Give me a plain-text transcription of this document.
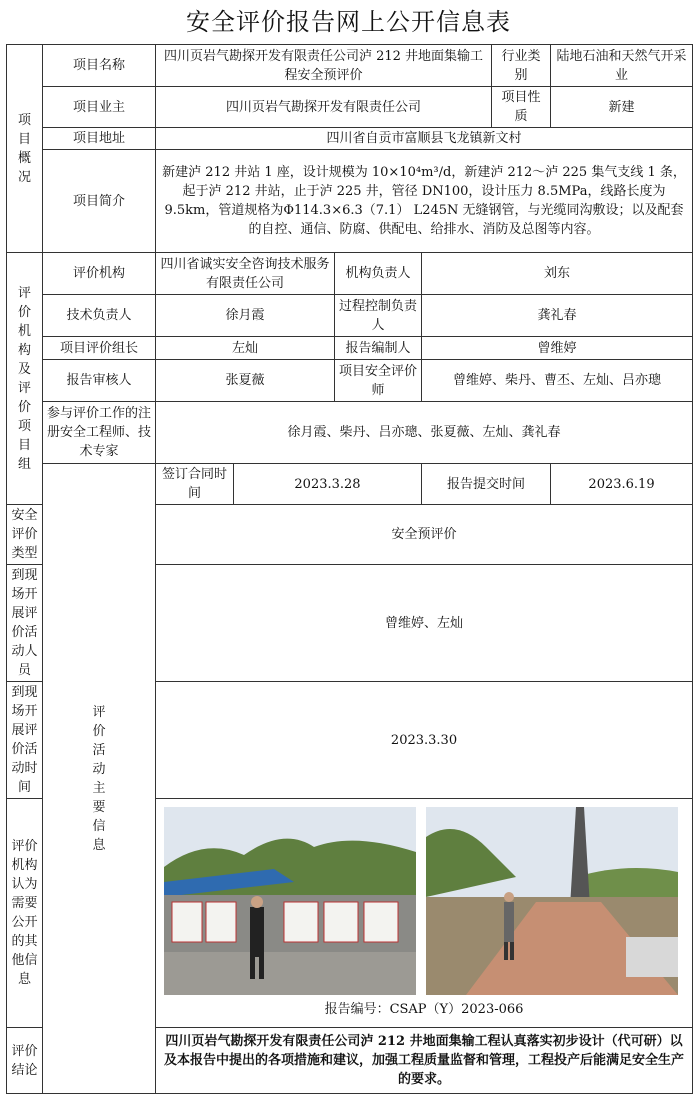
安全评价报告网上公开信息表
项目概况	项目名称	四川页岩气勘探开发有限责任公司泸 212 井地面集输工程安全预评价				行业类别	陆地石油和天然气开采业
	项目业主	四川页岩气勘探开发有限责任公司				项目性质	新建
	项目地址	四川省自贡市富顺县飞龙镇新文村					
	项目简介	新建泸 212 井站 1 座，设计规模为 10×10⁴m³/d，新建泸 212～泸 225 集气支线 1 条，起于泸 212 井站，止于泸 225 井，管径 DN100，设计压力 8.5MPa，线路长度为 9.5km，管道规格为Φ114.3×6.3（7.1） L245N 无缝钢管，与光缆同沟敷设；以及配套的自控、通信、防腐、供配电、给排水、消防及总图等内容。					
评价机构及评价项目组	评价机构	四川省诚实安全咨询技术服务有限责任公司		机构负责人	刘东		
	技术负责人	徐月霞		过程控制负责人	龚礼春		
	项目评价组长	左灿		报告编制人	曾维婷		
	报告审核人	张夏薇		项目安全评价师	曾维婷、柴丹、曹丕、左灿、吕亦璁		
	参与评价工作的注册安全工程师、技术专家	徐月霞、柴丹、吕亦璁、张夏薇、左灿、龚礼春					
	评价活动主要信息	签订合同时间	2023.3.28		报告提交时间		2023.6.19
安全评价类型		安全预评价					
到现场开展评价活动人员		曾维婷、左灿					
到现场开展评价活动时间		2023.3.30					
评价机构认为需要公开的其他信息		报告编号：CSAP（Y）2023-066					

评价结论		四川页岩气勘探开发有限责任公司泸 212 井地面集输工程认真落实初步设计（代可研）以及本报告中提出的各项措施和建议，加强工程质量监督和管理，工程投产后能满足安全生产的要求。					
